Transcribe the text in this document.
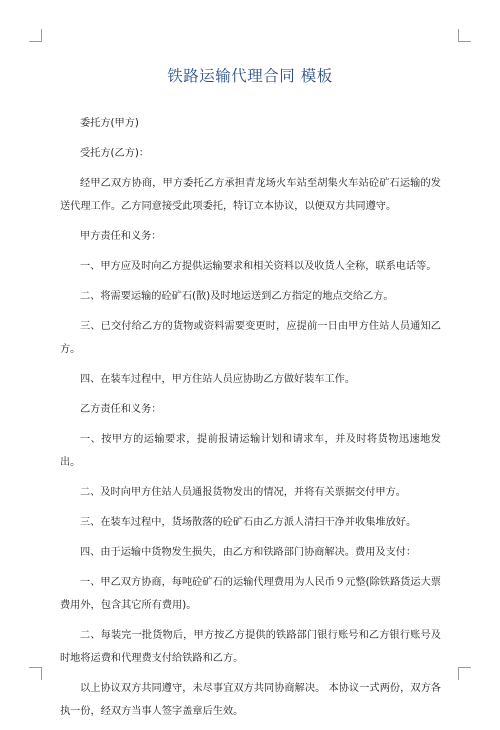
铁路运输代理合同 模板

委托方(甲方)

受托方(乙方)：

经甲乙双方协商，甲方委托乙方承担青龙场火车站至胡集火车站砼矿石运输的发送代理工作。乙方同意接受此项委托，特订立本协议，以便双方共同遵守。

甲方责任和义务：

一、甲方应及时向乙方提供运输要求和相关资料以及收货人全称，联系电话等。

二、将需要运输的砼矿石(散)及时地运送到乙方指定的地点交给乙方。

三、已交付给乙方的货物或资料需要变更时，应提前一日由甲方住站人员通知乙方。

四、在装车过程中，甲方住站人员应协助乙方做好装车工作。

乙方责任和义务：

一、按甲方的运输要求，提前报请运输计划和请求车，并及时将货物迅速地发出。

二、及时向甲方住站人员通报货物发出的情况，并将有关票据交付甲方。

三、在装车过程中，货场散落的砼矿石由乙方派人清扫干净并收集堆放好。

四、由于运输中货物发生损失，由乙方和铁路部门协商解决。费用及支付：

一、甲乙双方协商，每吨砼矿石的运输代理费用为人民币９元整(除铁路货运大票费用外，包含其它所有费用)。

二、每装完一批货物后，甲方按乙方提供的铁路部门银行账号和乙方银行账号及时地将运费和代理费支付给铁路和乙方。

以上协议双方共同遵守，未尽事宜双方共同协商解决。 本协议一式两份，双方各执一份，经双方当事人签字盖章后生效。
